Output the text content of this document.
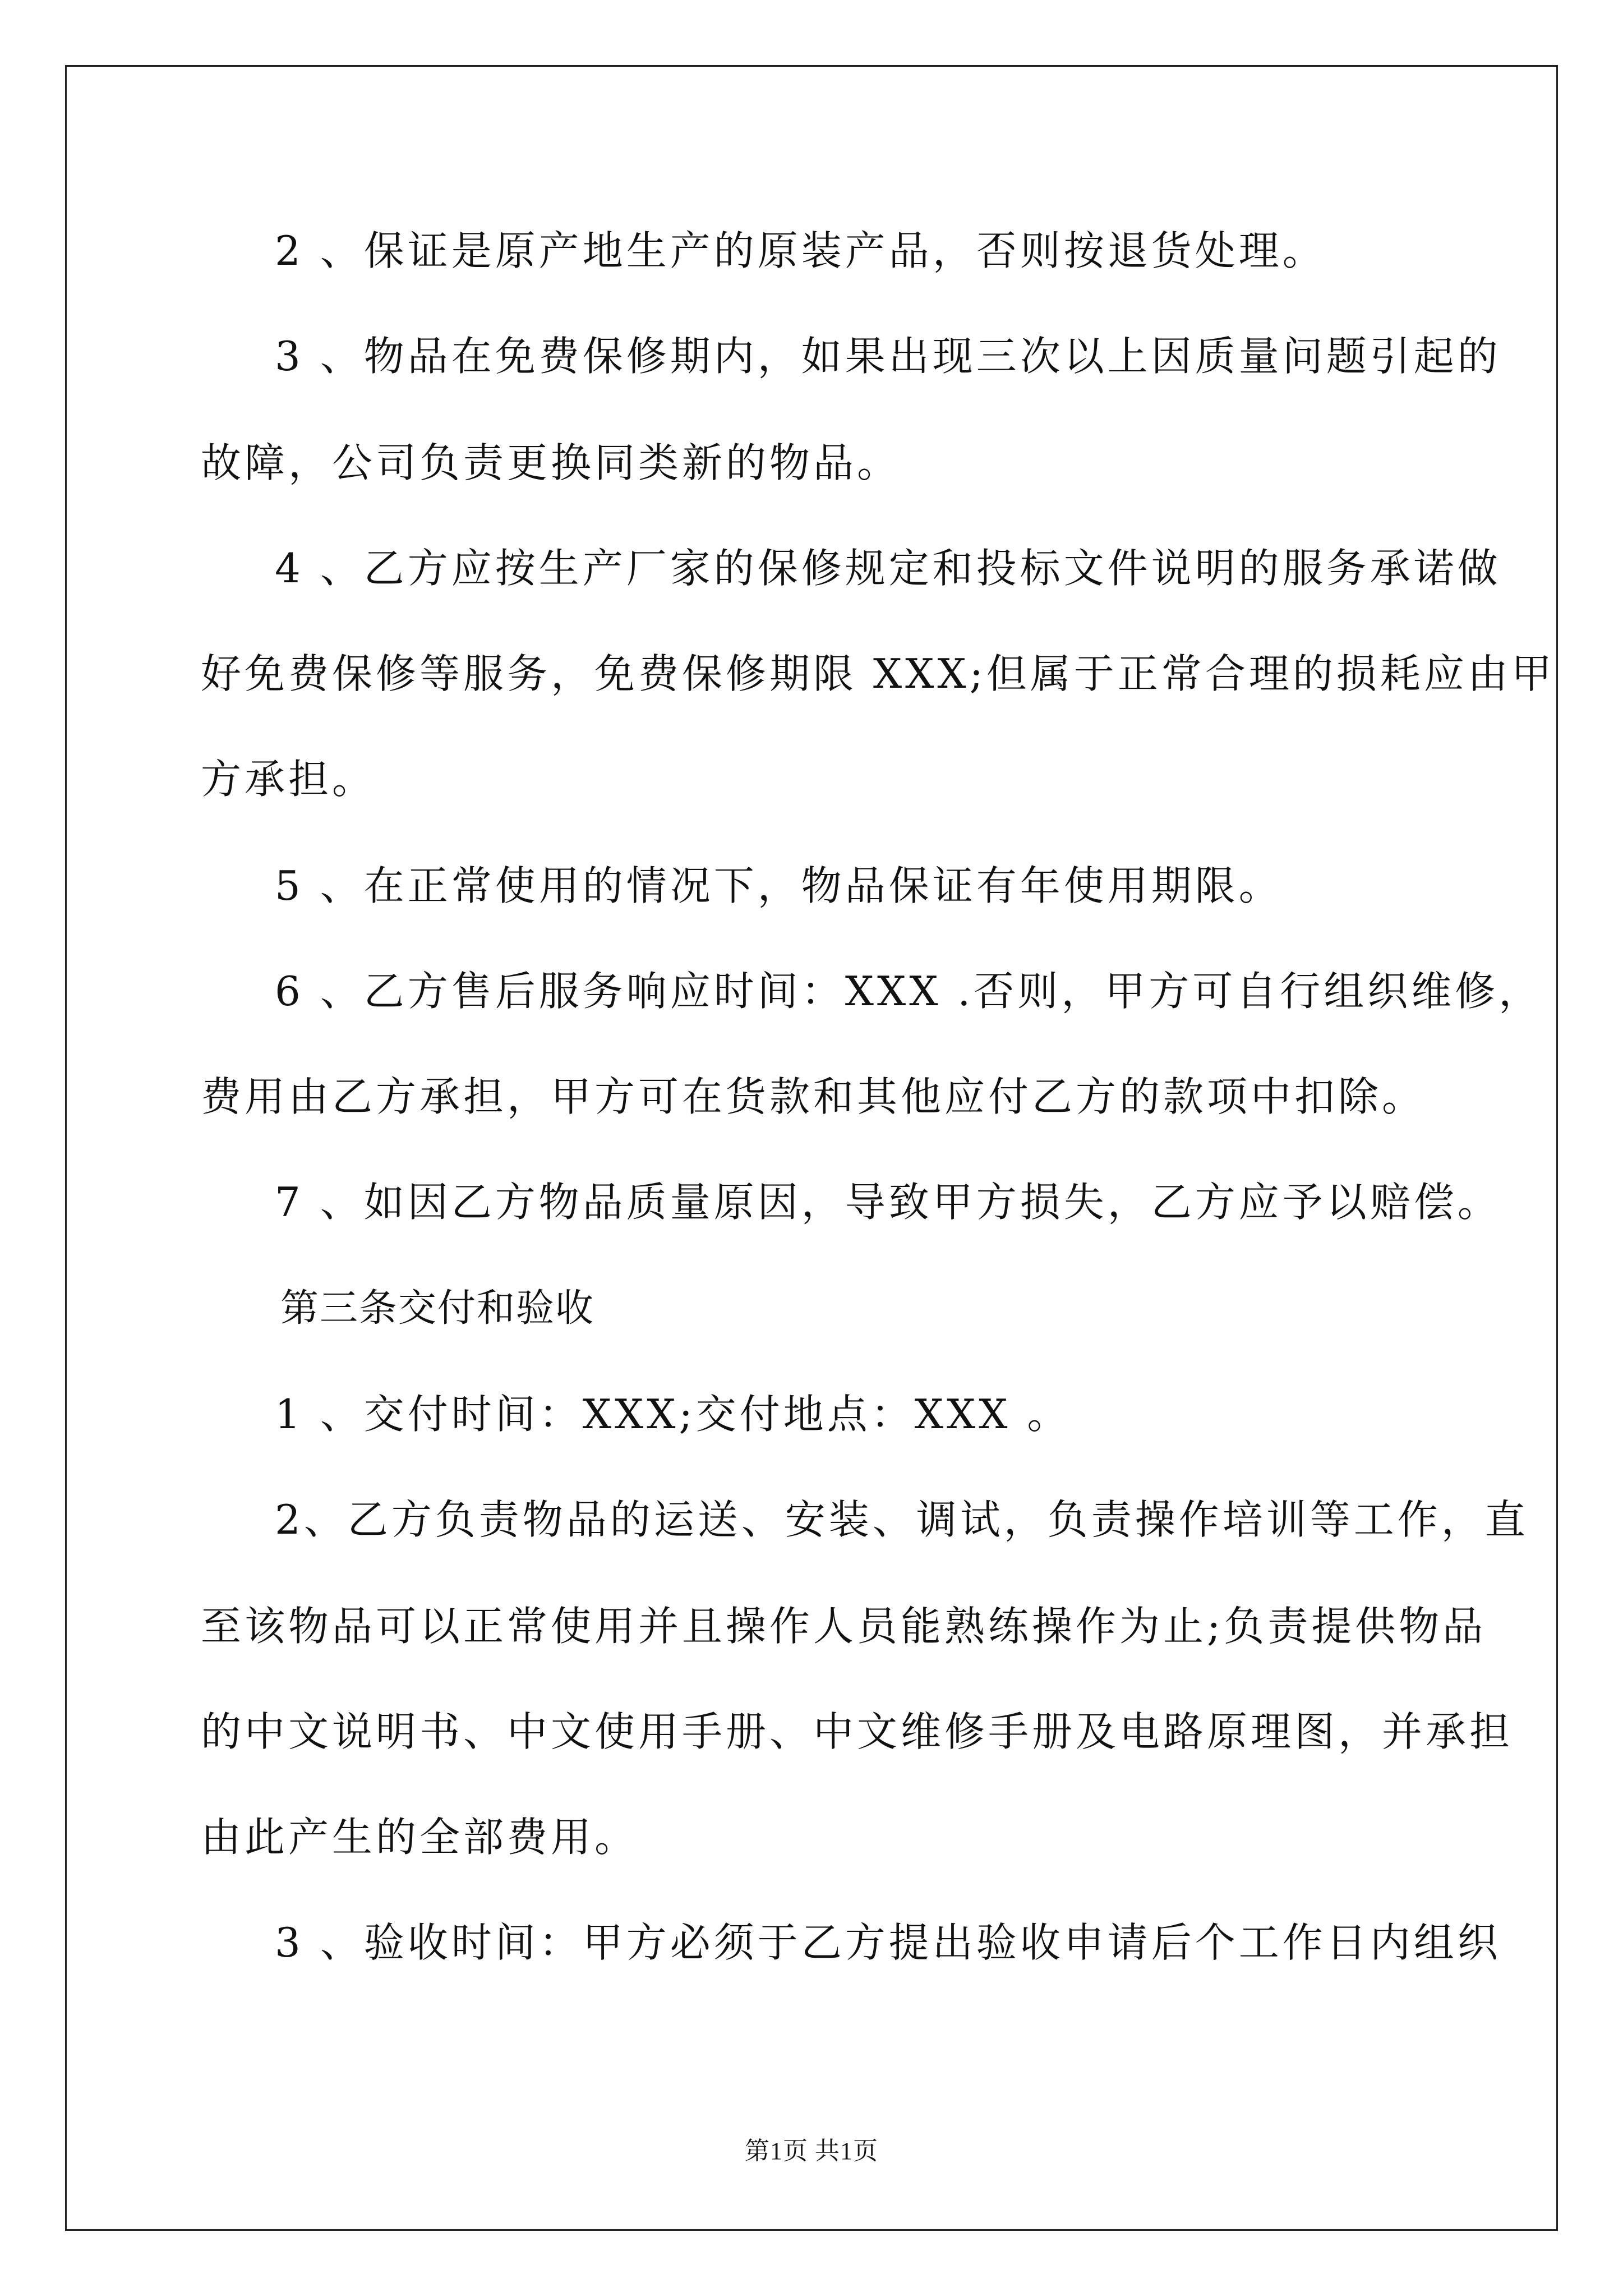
2 、保证是原产地生产的原装产品，否则按退货处理。
3 、物品在免费保修期内，如果出现三次以上因质量问题引起的
故障，公司负责更换同类新的物品。
4 、乙方应按生产厂家的保修规定和投标文件说明的服务承诺做
好免费保修等服务，免费保修期限 XXX;但属于正常合理的损耗应由甲
方承担。
5 、在正常使用的情况下，物品保证有年使用期限。
6 、乙方售后服务响应时间：XXX .否则，甲方可自行组织维修，
费用由乙方承担，甲方可在货款和其他应付乙方的款项中扣除。
7 、如因乙方物品质量原因，导致甲方损失，乙方应予以赔偿。
第三条交付和验收
1 、交付时间：XXX;交付地点：XXX 。
2、乙方负责物品的运送、安装、调试，负责操作培训等工作，直
至该物品可以正常使用并且操作人员能熟练操作为止;负责提供物品
的中文说明书、中文使用手册、中文维修手册及电路原理图，并承担
由此产生的全部费用。
3 、验收时间：甲方必须于乙方提出验收申请后个工作日内组织
第1页 共1页
